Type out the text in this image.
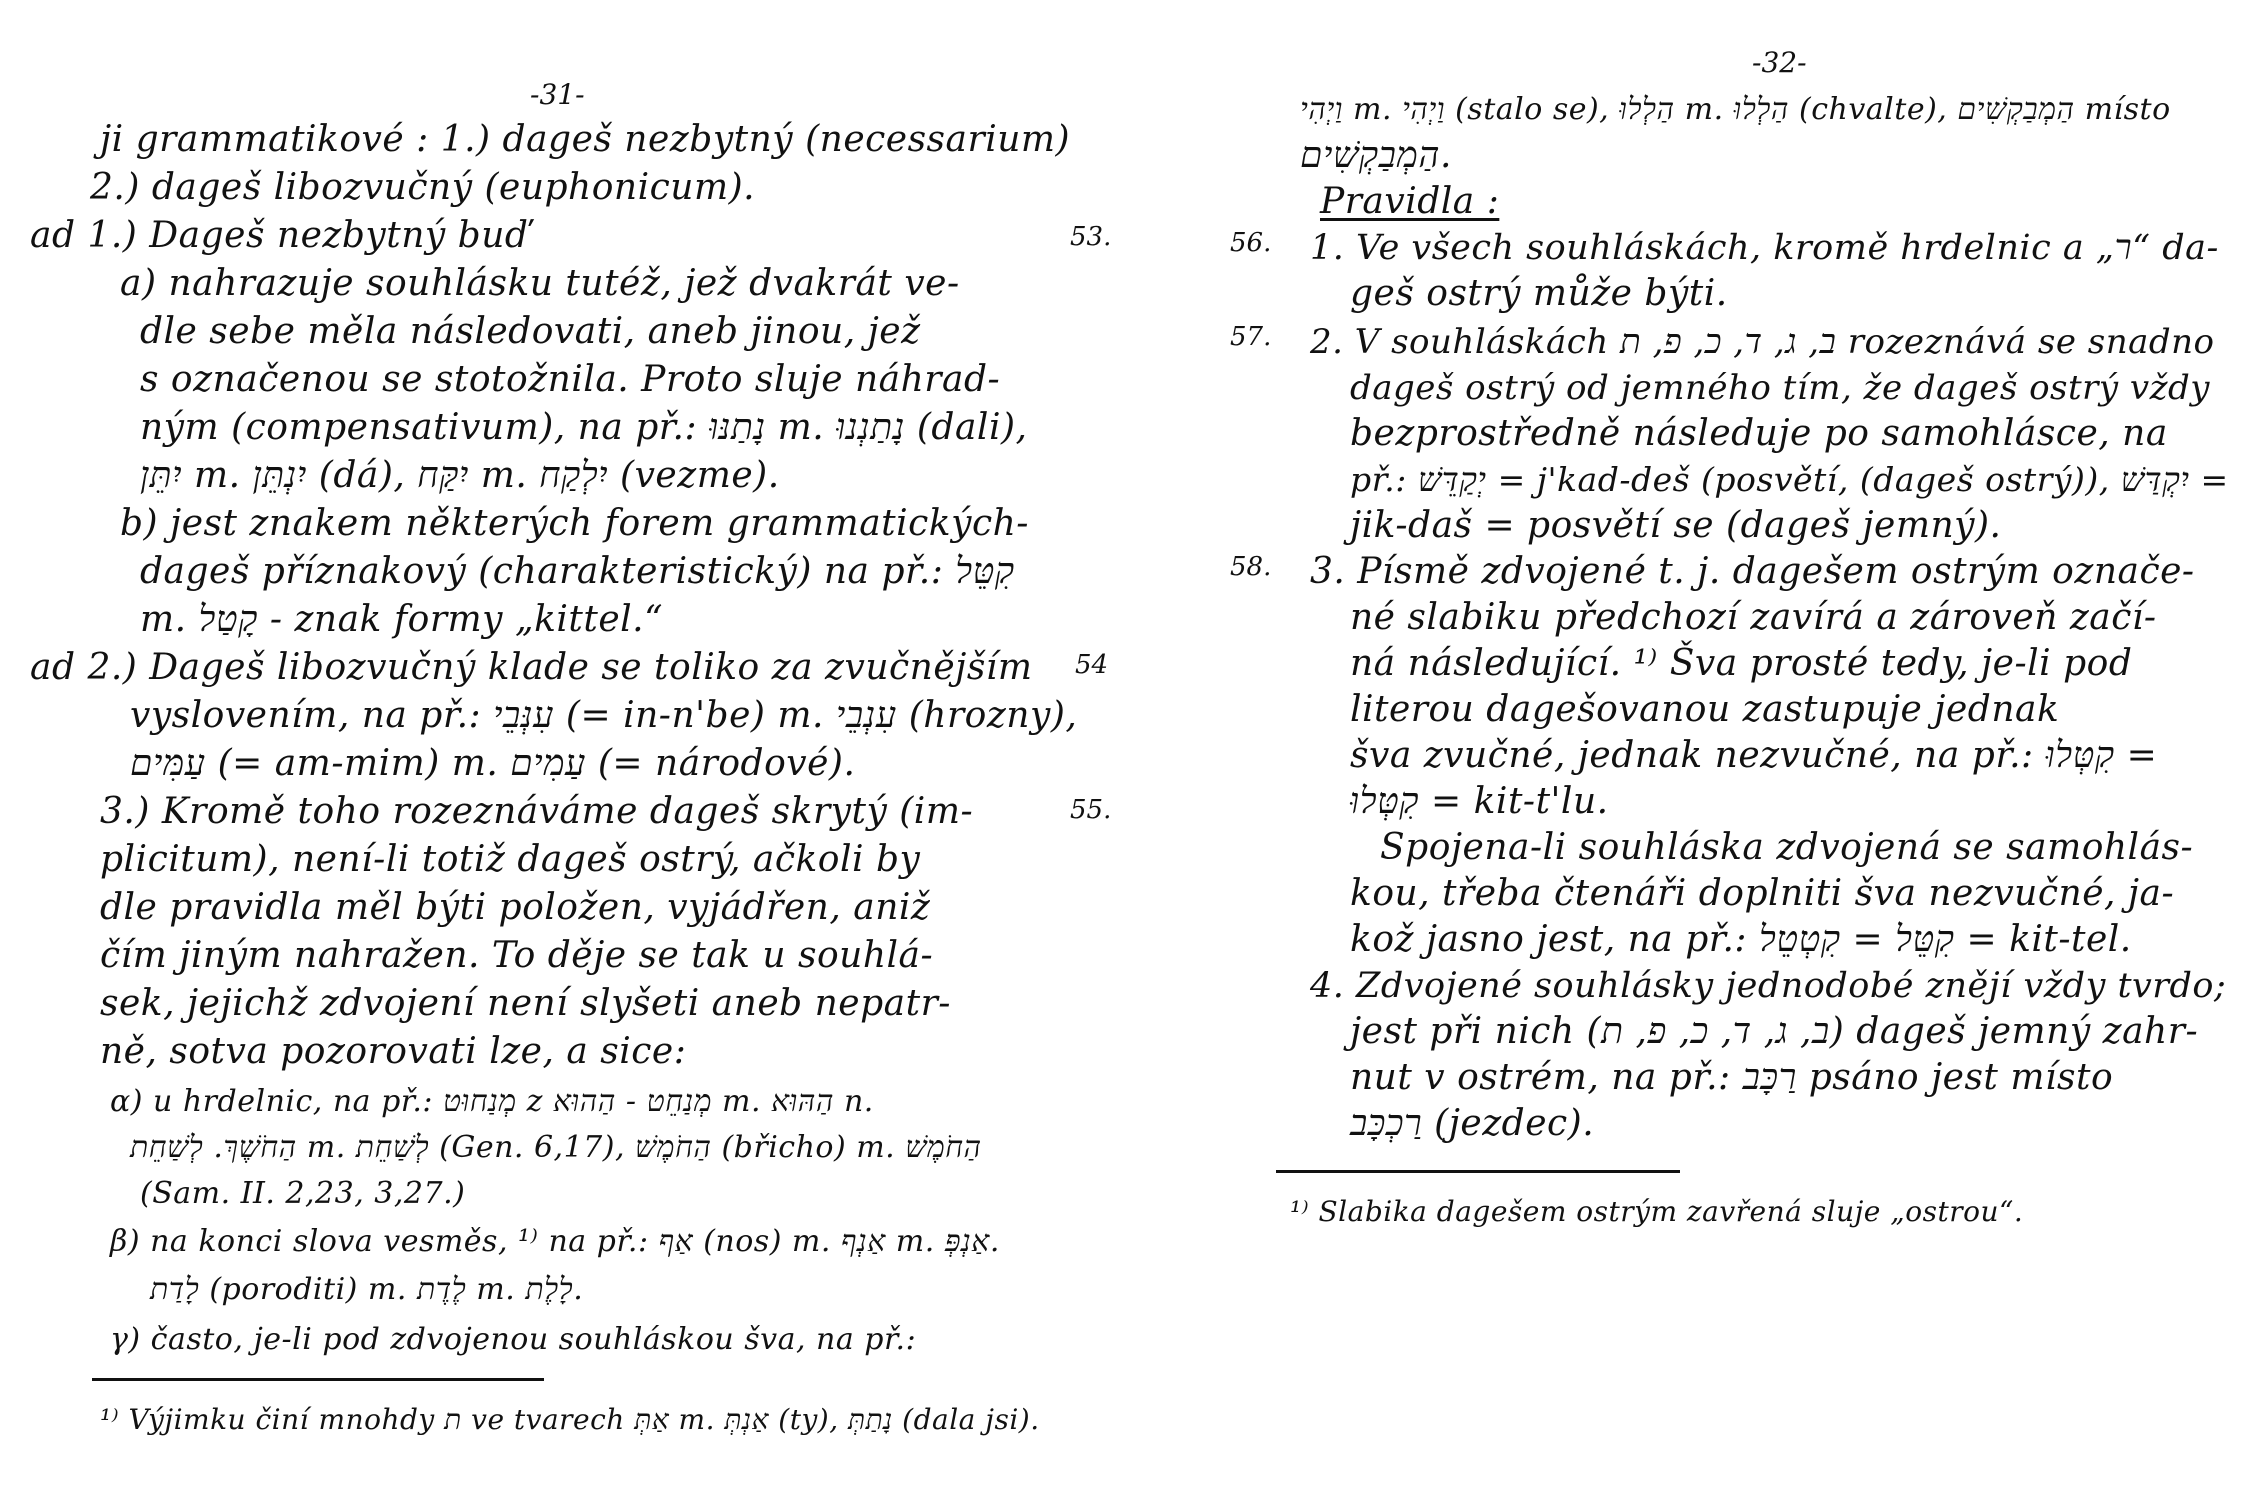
-31-
53.
54
55.
ji grammatikové : 1.) dageš nezbytný (necessarium)
2.) dageš libozvučný (euphonicum).
ad 1.) Dageš nezbytný buď
a) nahrazuje souhlásku tutéž, jež dvakrát ve-
dle sebe měla následovati, aneb jinou, jež
s označenou se stotožnila. Proto sluje náhrad-
ným (compensativum), na př.: נָתַנּוּ m. נָתַנְנוּ (dali),
יִתֵּן m. יִנְתֵּן (dá), יִקַּח m. יִלְקַח (vezme).
b) jest znakem některých forem grammatických-
dageš příznakový (charakteristický) na př.: קִטֵּל
m. קָטַל - znak formy „kittel.“
ad 2.) Dageš libozvučný klade se toliko za zvučnějším
vyslovením, na př.: עִנְּבֵי (= in-n'be) m. עִנְבֵי (hrozny),
עַמִּים (= am-mim) m. עַמִים (= národové).
3.) Kromě toho rozeznáváme dageš skrytý (im-
plicitum), není-li totiž dageš ostrý, ačkoli by
dle pravidla měl býti položen, vyjádřen, aniž
čím jiným nahražen. To děje se tak u souhlá-
sek, jejichž zdvojení není slyšeti aneb nepatr-
ně, sotva pozorovati lze, a sice:
α) u hrdelnic, na př.: מְנַחוּט z מְנַחֵט - הַהוּא m. הַהּוּא n.
הַחֹשֶׁךְ. לְשַׁחֵת m. לְשַׁחֵת (Gen. 6,17), הַחֹמֶשׁ (břicho) m. הַחֹמֶשׁ
(Sam. II. 2,23, 3,27.)
β) na konci slova vesměs, ¹⁾ na př.: אַף (nos) m. אַנְף m. אַנְפְּ.
לָדַת (poroditi) m. לֶדֶת m. לָלֶת.
γ) často, je-li pod zdvojenou souhláskou šva, na př.:
¹⁾ Výjimku činí mnohdy ת ve tvarech אַתְּ m. אַנְתְּ (ty), נָתַתְּ (dala jsi).
-32-
56.
57.
58.
וַיְהִי m. וַיְהִי (stalo se), הַלְלוּ m. הַלְלוּ (chvalte), הַמְבַקְשִׁים místo
הַמְבַקְשִׁים.
Pravidla :
1. Ve všech souhláskách, kromě hrdelnic a „ר“ da-
geš ostrý může býti.
2. V souhláskách ב, ג, ד, כ, פ, ת rozeznává se snadno
dageš ostrý od jemného tím, že dageš ostrý vždy
bezprostředně následuje po samohlásce, na
př.: יְקַדֵּשׁ = j'kad-deš (posvětí, (dageš ostrý)), יִקְדַּשׁ =
jik-daš = posvětí se (dageš jemný).
3. Písmě zdvojené t. j. dagešem ostrým označe-
né slabiku předchozí zavírá a zároveň začí-
ná následující. ¹⁾ Šva prosté tedy, je-li pod
literou dagešovanou zastupuje jednak
šva zvučné, jednak nezvučné, na př.: קִטְּלוּ =
קִטְּלוּ = kit-t'lu.
Spojena-li souhláska zdvojená se samohlás-
kou, třeba čtenáři doplniti šva nezvučné, ja-
kož jasno jest, na př.: קִטֵּל = קִטְטֵל = kit-tel.
4. Zdvojené souhlásky jednodobé znějí vždy tvrdo;
jest při nich (ב, ג, ד, כ, פ, ת) dageš jemný zahr-
nut v ostrém, na př.: רַכָּב psáno jest místo
רַכְכָּב (jezdec).
¹⁾ Slabika dagešem ostrým zavřená sluje „ostrou“.
